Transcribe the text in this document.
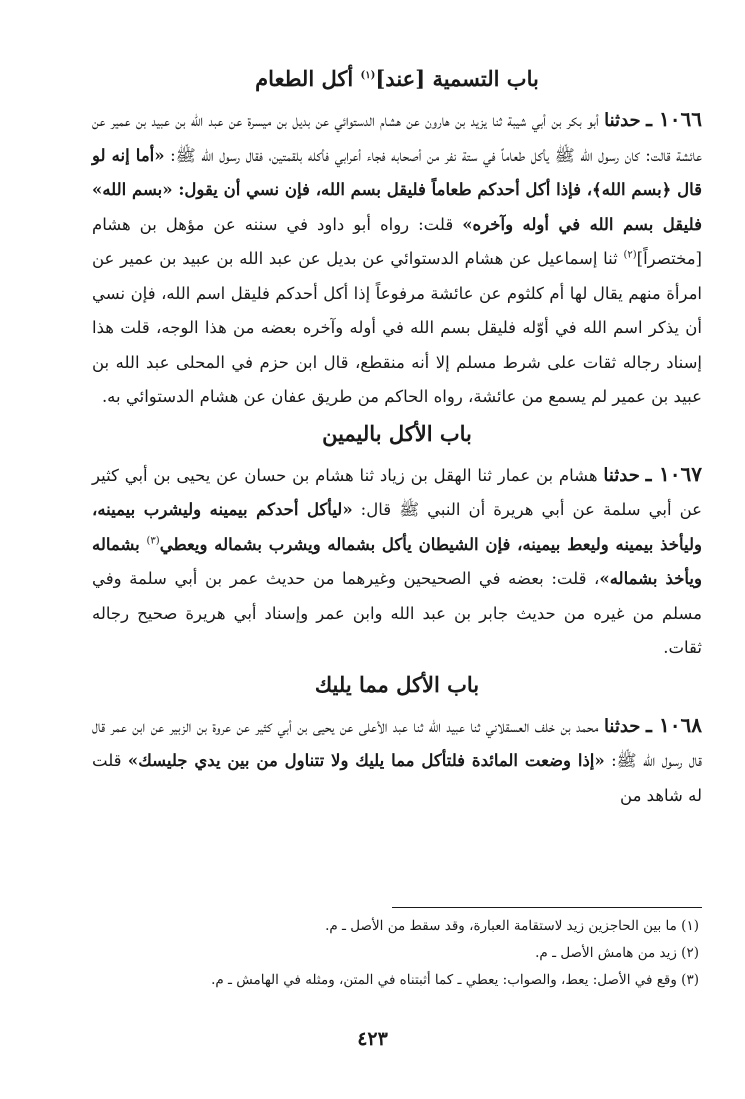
باب التسمية [عند]$^{(١)}$ أكل الطعام

١٠٦٦ ـ حدثنا أبو بكر بن أبي شيبة ثنا يزيد بن هارون عن هشام الدستوائي عن بديل بن ميسرة عن عبد الله بن عبيد بن عمير عن عائشة قالت: كان رسول الله ﷺ يأكل طعاماً في ستة نفر من أصحابه فجاء أعرابي فأكله بلقمتين، فقال رسول الله ﷺ: «أما إنه لو قال ﴿بسم الله﴾، فإذا أكل أحدكم طعاماً فليقل بسم الله، فإن نسي أن يقول: «بسم الله» فليقل بسم الله في أوله وآخره» قلت: رواه أبو داود في سننه عن مؤهل بن هشام [مختصراً]$^{(٢)}$ ثنا إسماعيل عن هشام الدستوائي عن بديل عن عبد الله بن عبيد بن عمير عن امرأة منهم يقال لها أم كلثوم عن عائشة مرفوعاً إذا أكل أحدكم فليقل اسم الله، فإن نسي أن يذكر اسم الله في أوّله فليقل بسم الله في أوله وآخره بعضه من هذا الوجه، قلت هذا إسناد رجاله ثقات على شرط مسلم إلا أنه منقطع، قال ابن حزم في المحلى عبد الله بن عبيد بن عمير لم يسمع من عائشة، رواه الحاكم من طريق عفان عن هشام الدستوائي به.

باب الأكل باليمين

١٠٦٧ ـ حدثنا هشام بن عمار ثنا الهقل بن زياد ثنا هشام بن حسان عن يحيى بن أبي كثير عن أبي سلمة عن أبي هريرة أن النبي ﷺ قال: «ليأكل أحدكم بيمينه وليشرب بيمينه، وليأخذ بيمينه وليعط بيمينه، فإن الشيطان يأكل بشماله ويشرب بشماله ويعطي$^{(٣)}$ بشماله ويأخذ بشماله»، قلت: بعضه في الصحيحين وغيرهما من حديث عمر بن أبي سلمة وفي مسلم من غيره من حديث جابر بن عبد الله وابن عمر وإسناد أبي هريرة صحيح رجاله ثقات.

باب الأكل مما يليك

١٠٦٨ ـ حدثنا محمد بن خلف العسقلاني ثنا عبيد الله ثنا عبد الأعلى عن يحيى بن أبي كثير عن عروة بن الزبير عن ابن عمر قال قال رسول الله ﷺ: «إذا وضعت المائدة فلتأكل مما يليك ولا تتناول من بين يدي جليسك» قلت له شاهد من

(١) ما بين الحاجزين زيد لاستقامة العبارة، وقد سقط من الأصل ـ م.
(٢) زيد من هامش الأصل ـ م.
(٣) وقع في الأصل: يعط، والصواب: يعطي ـ كما أثبتناه في المتن، ومثله في الهامش ـ م.
٤٢٣
